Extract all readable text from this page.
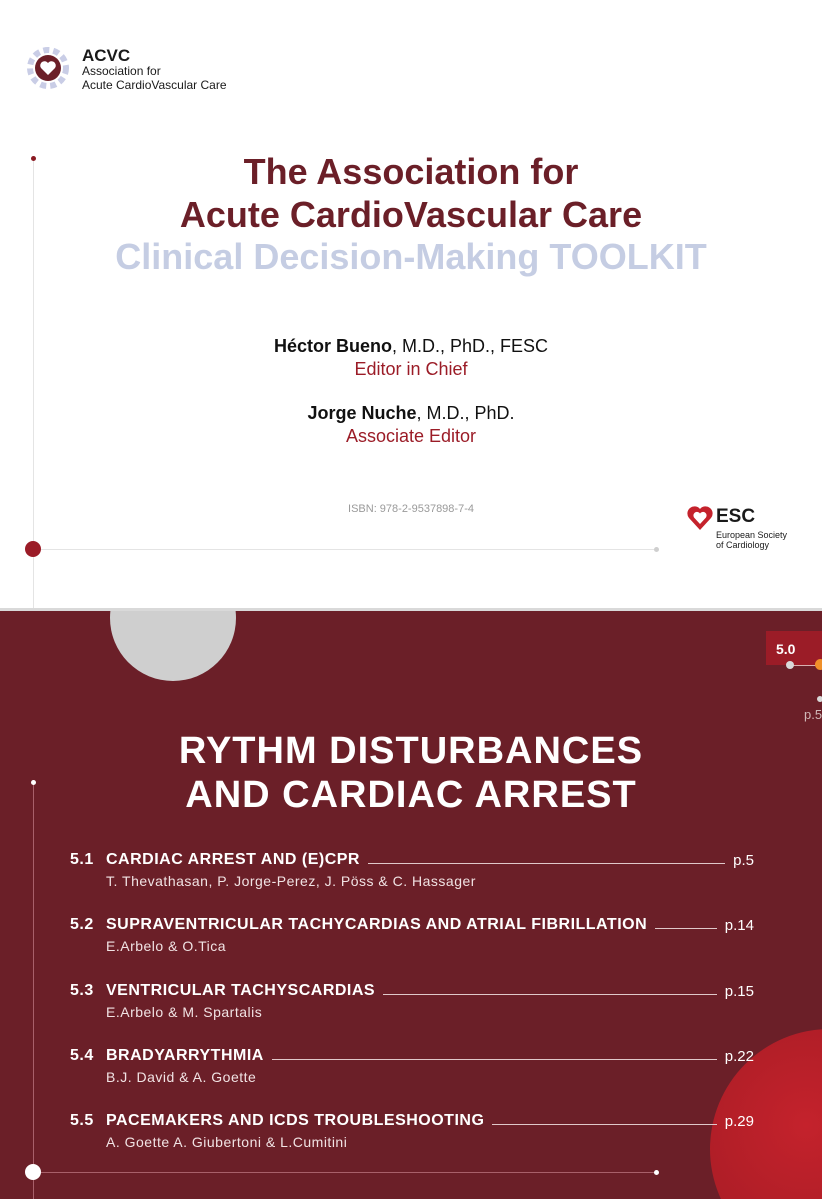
ACVC
Association for
Acute CardioVascular Care
The Association for
Acute CardioVascular Care
Clinical Decision-Making TOOLKIT
Héctor Bueno, M.D., PhD., FESC
Editor in Chief
Jorge Nuche, M.D., PhD.
Associate Editor
ISBN: 978-2-9537898-7-4	ESC
European Society
of Cardiology
5.0
p.5
RYTHM DISTURBANCES
AND CARDIAC ARREST
5.1 CARDIAC ARREST AND (E)CPR	p.5
T. Thevathasan, P. Jorge-Perez, J. Pöss & C. Hassager
5.2 SUPRAVENTRICULAR TACHYCARDIAS AND ATRIAL FIBRILLATION	p.14
E.Arbelo & O.Tica
5.3 VENTRICULAR TACHYSCARDIAS	p.15
E.Arbelo & M. Spartalis
5.4 BRADYARRYTHMIA	p.22
B.J. David & A. Goette
5.5 PACEMAKERS AND ICDS TROUBLESHOOTING	p.29
A. Goette A. Giubertoni & L.Cumitini
